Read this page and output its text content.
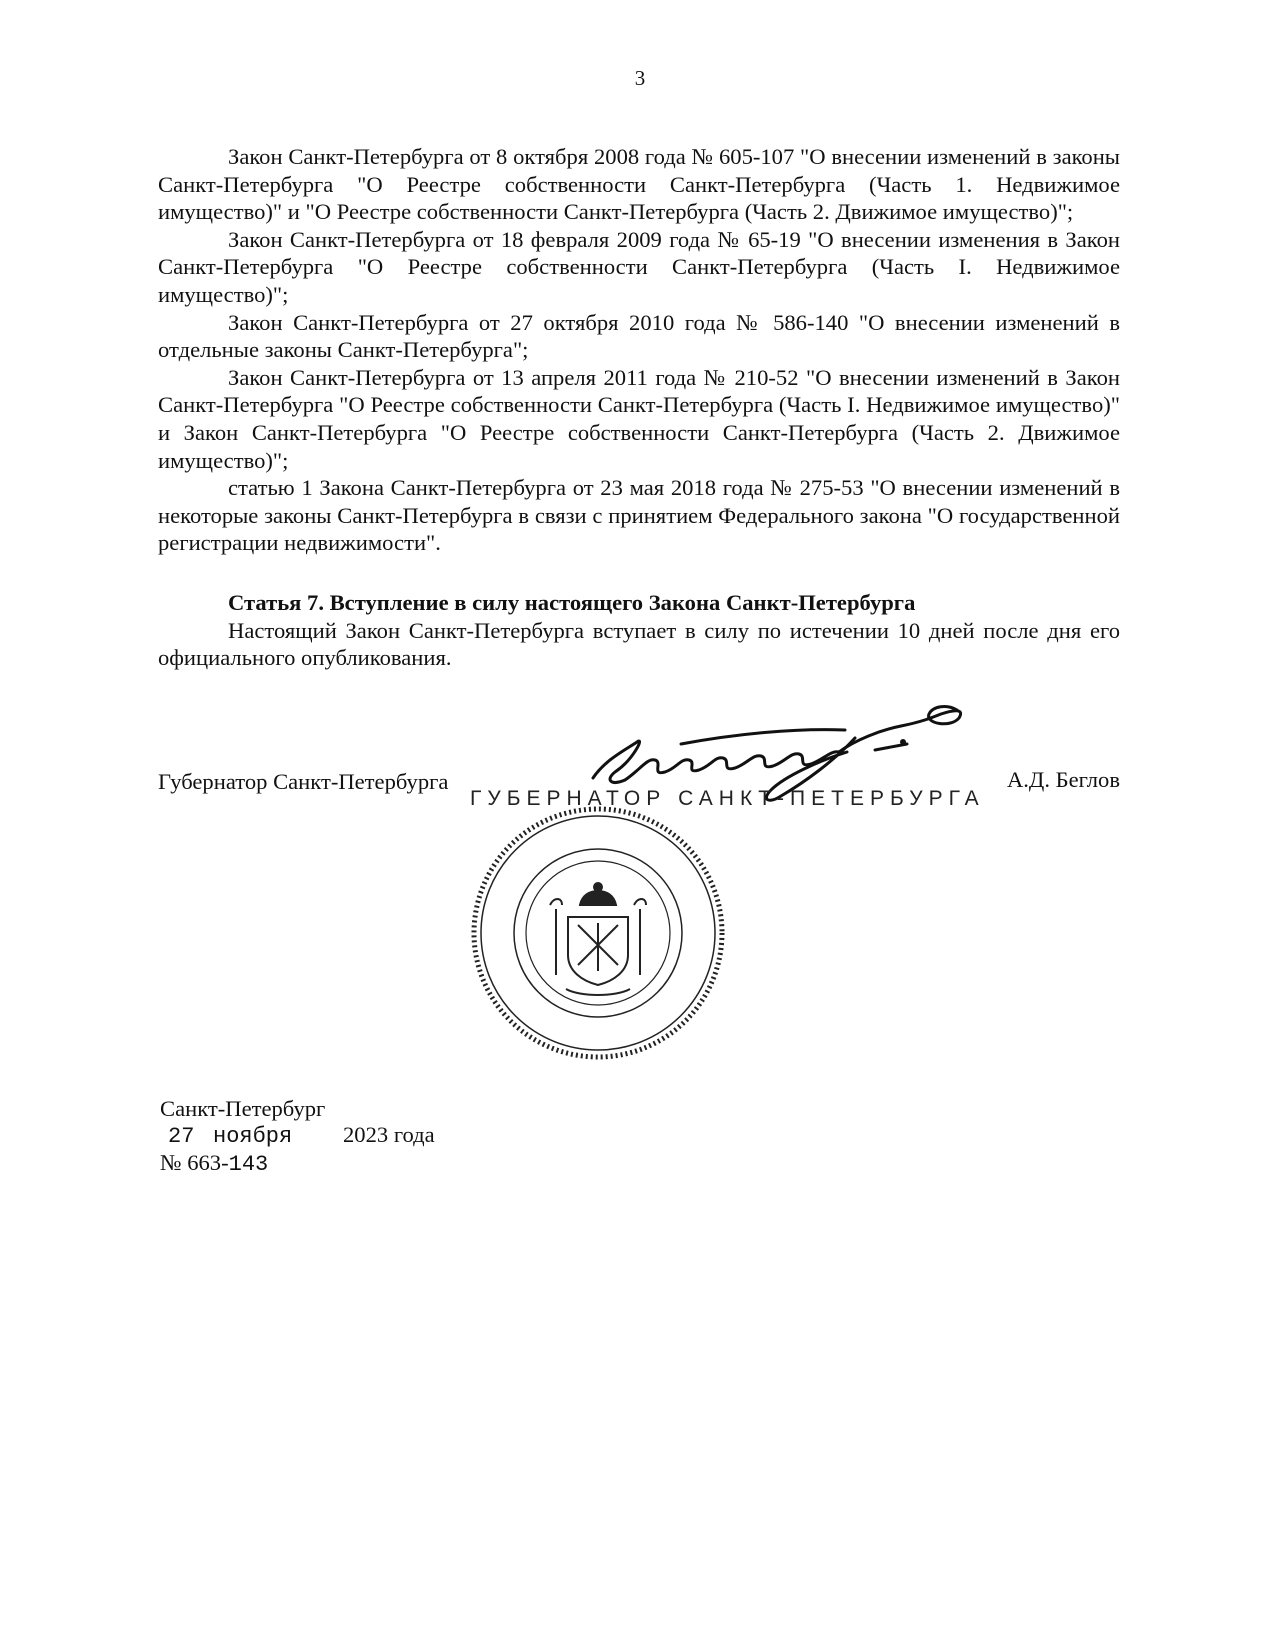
3

Закон Санкт-Петербурга от 8 октября 2008 года № 605-107 "О внесении изменений в законы Санкт-Петербурга "О Реестре собственности Санкт-Петербурга (Часть 1. Недвижимое имущество)" и "О Реестре собственности Санкт-Петербурга (Часть 2. Движимое имущество)";

Закон Санкт-Петербурга от 18 февраля 2009 года № 65-19 "О внесении изменения в Закон Санкт-Петербурга "О Реестре собственности Санкт-Петербурга (Часть I. Недвижимое имущество)";

Закон Санкт-Петербурга от 27 октября 2010 года № 586-140 "О внесении изменений в отдельные законы Санкт-Петербурга";

Закон Санкт-Петербурга от 13 апреля 2011 года № 210-52 "О внесении изменений в Закон Санкт-Петербурга "О Реестре собственности Санкт-Петербурга (Часть I. Недвижимое имущество)" и Закон Санкт-Петербурга "О Реестре собственности Санкт-Петербурга (Часть 2. Движимое имущество)";

статью 1 Закона Санкт-Петербурга от 23 мая 2018 года № 275-53 "О внесении изменений в некоторые законы Санкт-Петербурга в связи с принятием Федерального закона "О государственной регистрации недвижимости".

Статья 7. Вступление в силу настоящего Закона Санкт-Петербурга

Настоящий Закон Санкт-Петербурга вступает в силу по истечении 10 дней после дня его официального опубликования.

Губернатор Санкт-Петербурга	А.Д. Беглов
ГУБЕРНАТОР САНКТ-ПЕТЕРБУРГА
Санкт-Петербург
27 ноября 2023 года
№ 663-143
